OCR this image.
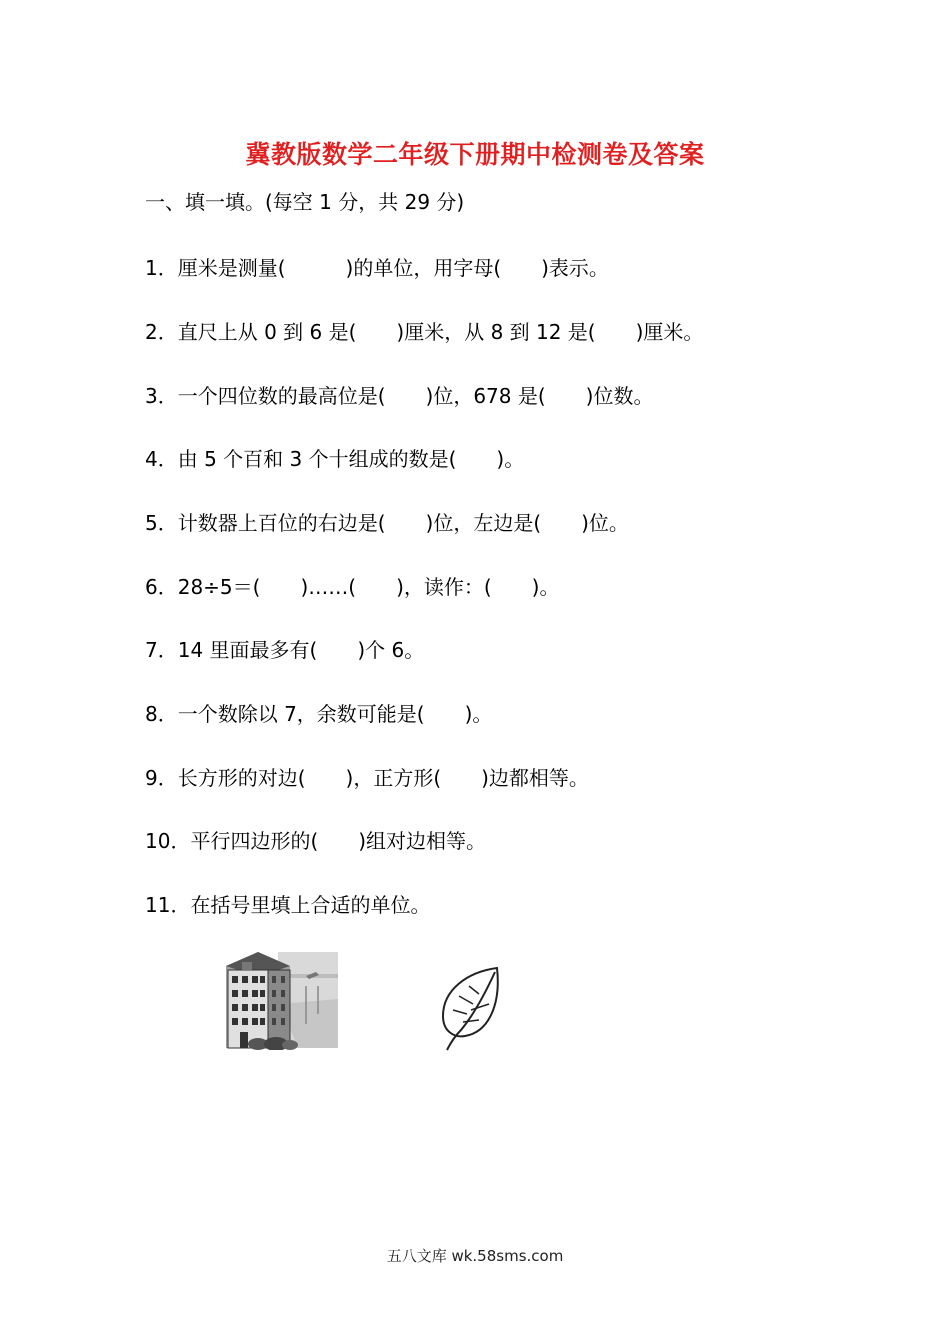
冀教版数学二年级下册期中检测卷及答案
一、填一填。(每空 1 分，共 29 分)
1．厘米是测量(　　　)的单位，用字母(　　)表示。
2．直尺上从 0 到 6 是(　　)厘米，从 8 到 12 是(　　)厘米。
3．一个四位数的最高位是(　　)位，678 是(　　)位数。
4．由 5 个百和 3 个十组成的数是(　　)。
5．计数器上百位的右边是(　　)位，左边是(　　)位。
6．28÷5＝(　　)……(　　)，读作：(　　)。
7．14 里面最多有(　　)个 6。
8．一个数除以 7，余数可能是(　　)。
9．长方形的对边(　　)，正方形(　　)边都相等。
10．平行四边形的(　　)组对边相等。
11．在括号里填上合适的单位。
五八文库 wk.58sms.com
